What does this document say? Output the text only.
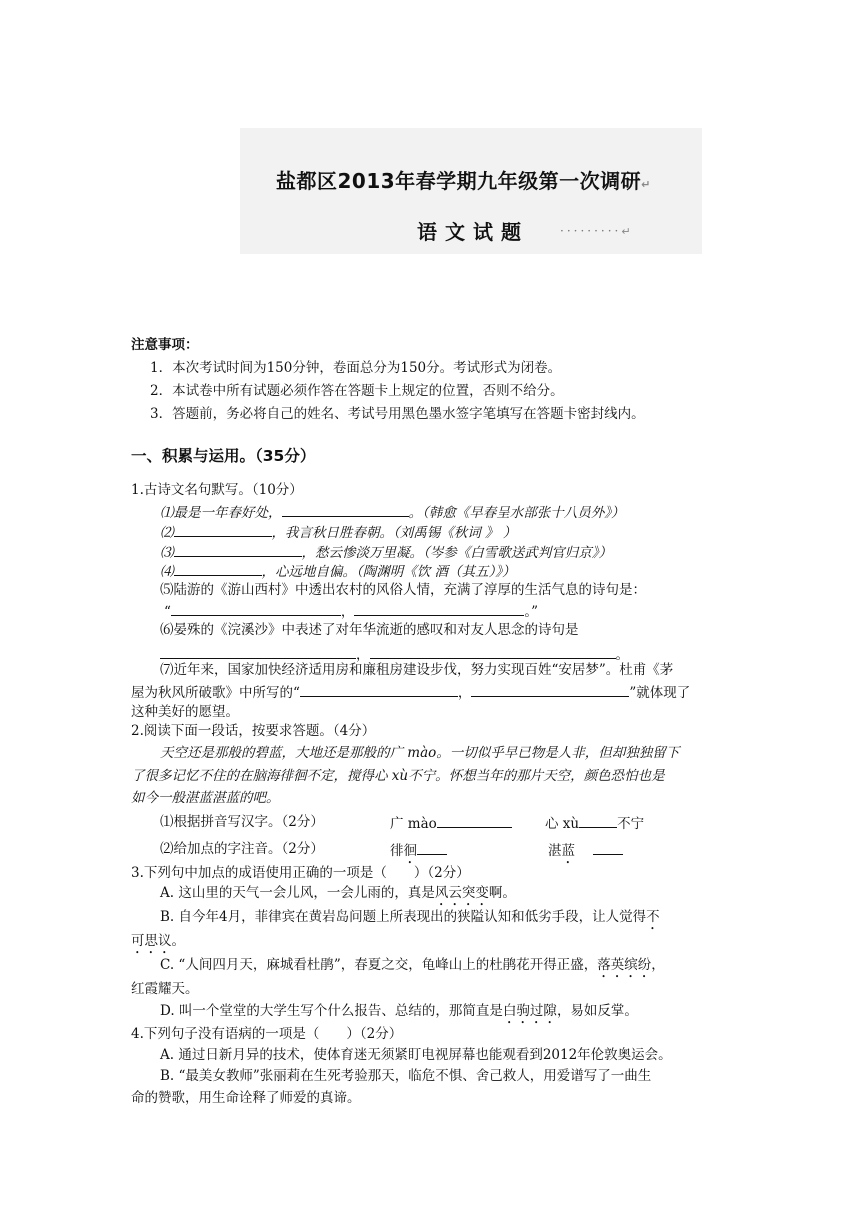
盐都区2013年春学期九年级第一次调研↵
语文试题	·········↵
注意事项：
1．本次考试时间为150分钟，卷面总分为150分。考试形式为闭卷。
2．本试卷中所有试题必须作答在答题卡上规定的位置，否则不给分。
3．答题前，务必将自己的姓名、考试号用黑色墨水签字笔填写在答题卡密封线内。
一、积累与运用。（35分）
1.古诗文名句默写。（10分）
⑴最是一年春好处，	。（韩愈《早春呈水部张十八员外》）
⑵	，我言秋日胜春朝。（刘禹锡《秋词 》 ）
⑶	，愁云惨淡万里凝。（岑参《白雪歌送武判官归京》）
⑷	，心远地自偏。（陶渊明《饮 酒（其五）》）
⑸陆游的《游山西村》中透出农村的风俗人情，充满了淳厚的生活气息的诗句是：
“	，	。”
⑹晏殊的《浣溪沙》中表述了对年华流逝的感叹和对友人思念的诗句是
，	。
⑺近年来，国家加快经济适用房和廉租房建设步伐，努力实现百姓“安居梦”。杜甫《茅
屋为秋风所破歌》中所写的“	，	”就体现了
这种美好的愿望。
2.阅读下面一段话，按要求答题。（4分）
天空还是那般的碧蓝，大地还是那般的广 mào。一切似乎早已物是人非，但却独独留下
了很多记忆不住的在脑海徘徊不定，搅得心 xù不宁。怀想当年的那片天空，颜色恐怕也是
如今一般湛蓝湛蓝的吧。
⑴根据拼音写汉字。（2分）	广 mào	心 xù	不宁
⑵给加点的字注音。（2分）	徘徊	湛蓝
3.下列句中加点的成语使用正确的一项是（　　）（2分）
A. 这山里的天气一会儿风，一会儿雨的，真是风云突变啊。
B. 自今年4月，菲律宾在黄岩岛问题上所表现出的狭隘认知和低劣手段，让人觉得不
可思议。
C. “人间四月天，麻城看杜鹃”，春夏之交，龟峰山上的杜鹃花开得正盛，落英缤纷，
红霞耀天。
D. 叫一个堂堂的大学生写个什么报告、总结的，那简直是白驹过隙，易如反掌。
4.下列句子没有语病的一项是（　　）（2分）
A. 通过日新月异的技术，使体育迷无须紧盯电视屏幕也能观看到2012年伦敦奥运会。
B. “最美女教师”张丽莉在生死考验那天，临危不惧、舍己救人，用爱谱写了一曲生
命的赞歌，用生命诠释了师爱的真谛。
